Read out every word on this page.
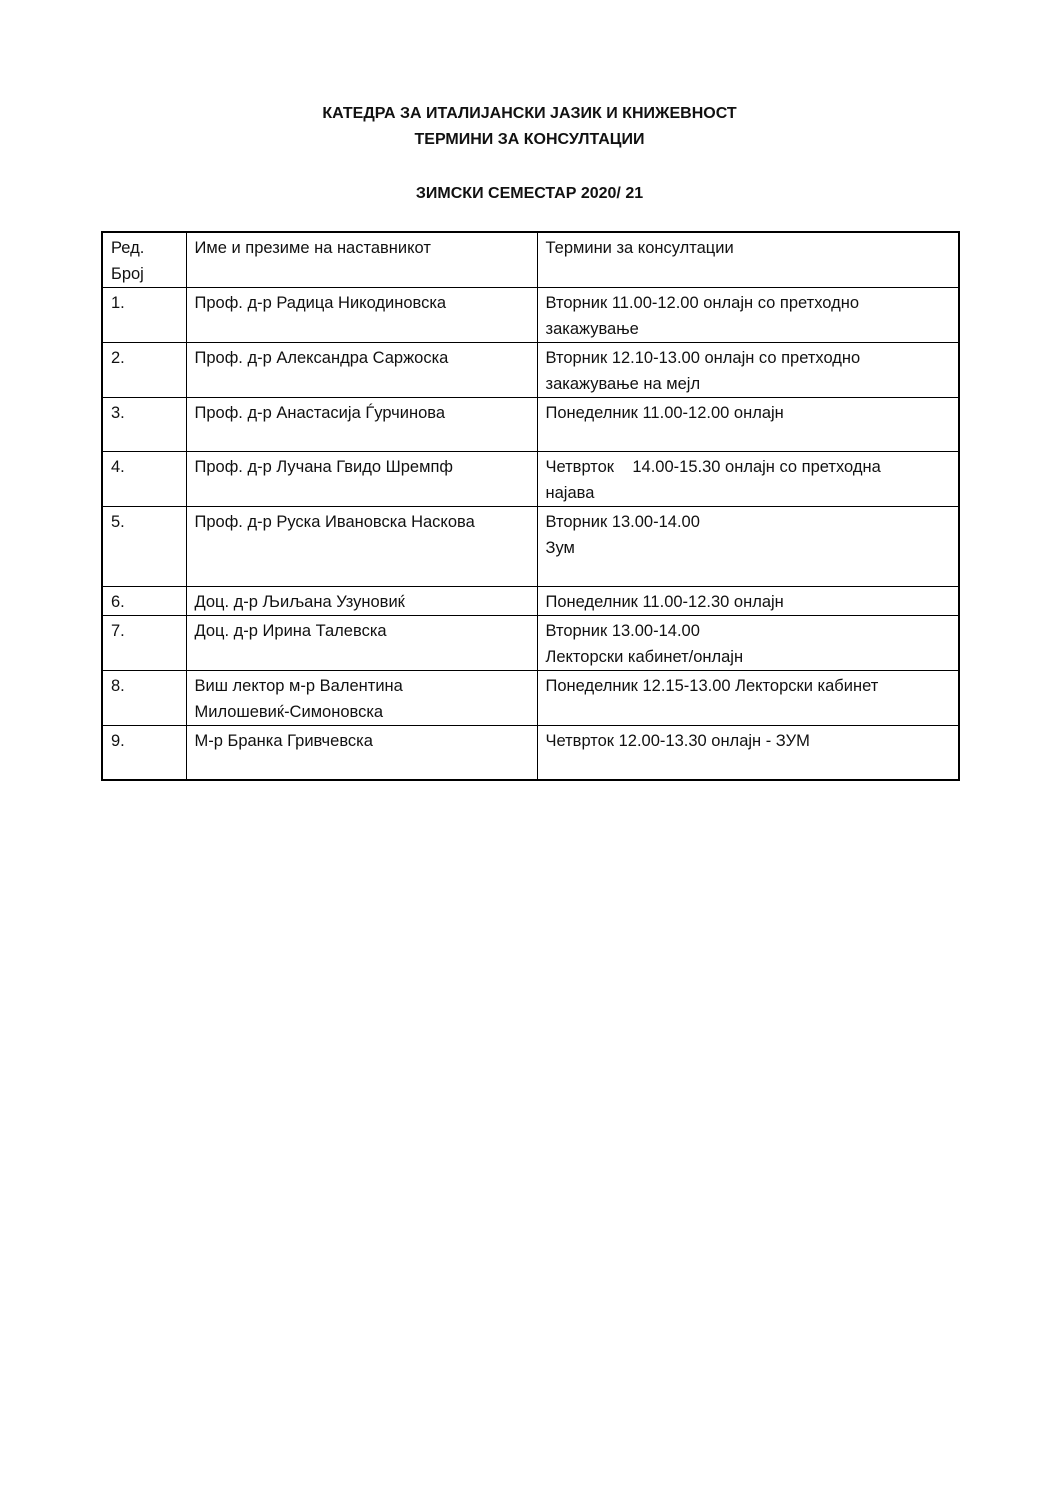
КАТЕДРА ЗА ИТАЛИЈАНСКИ ЈАЗИК И КНИЖЕВНОСТ
ТЕРМИНИ ЗА КОНСУЛТАЦИИ
ЗИМСКИ СЕМЕСТАР 2020/ 21
Ред.
Број	Име и презиме на наставникот	Термини за консултации

1.	Проф. д-р Радица Никодиновска	Вторник 11.00-12.00 онлајн со претходно
закажување

2.	Проф. д-р Александра Саржоска	Вторник 12.10-13.00 онлајн со претходно
закажување на мејл

3.	Проф. д-р Анастасија Ѓурчинова	Понеделник 11.00-12.00 онлајн

4.	Проф. д-р Лучана Гвидо Шремпф	Четврток    14.00-15.30 онлајн со претходна
најава

5.	Проф. д-р Руска Ивановска Наскова	Вторник 13.00-14.00
Зум

6.	Доц. д-р Љиљана Узуновиќ	Понеделник 11.00-12.30 онлајн

7.	Доц. д-р Ирина Талевска	Вторник 13.00-14.00
Лекторски кабинет/онлајн

8.	Виш лектор м-р Валентина
Милошевиќ-Симоновска	Понеделник 12.15-13.00 Лекторски кабинет

9.	М-р Бранка Гривчевска	Четврток 12.00-13.30 онлајн - ЗУМ
